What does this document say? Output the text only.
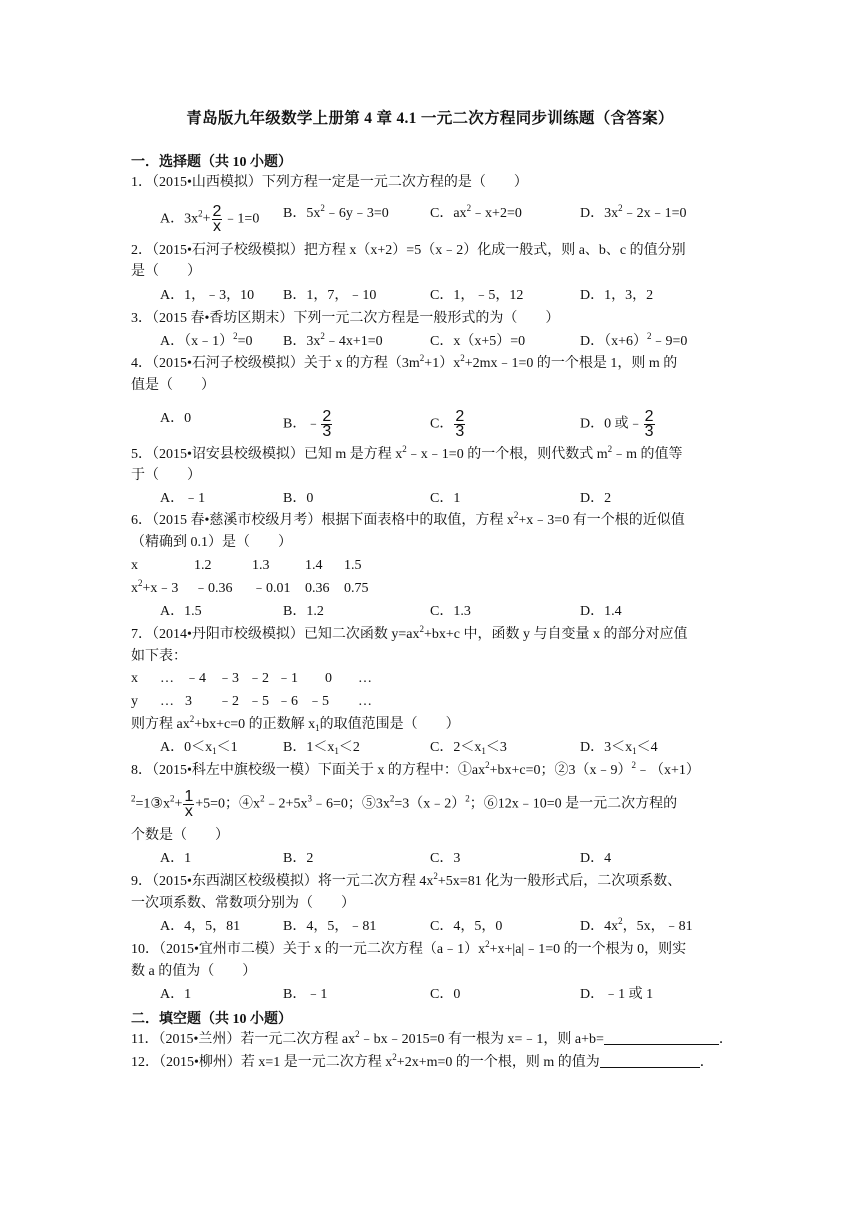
青岛版九年级数学上册第 4 章 4.1 一元二次方程同步训练题（含答案）
一．选择题（共 10 小题）
1．（2015•山西模拟）下列方程一定是一元二次方程的是（　　）
A．$3x^2+ \frac{2}{x}$ ﹣1=0 B．$5x^2﹣6y﹣3=0$	C．$ax^2﹣x+2=0$	D．$3x^2﹣2x﹣1=0$
2．（2015•石河子校级模拟）把方程 x（x+2）=5（x﹣2）化成一般式，则 a、b、c 的值分别
是（　　）
A．1，﹣3，10 B．1，7，﹣10	C．1，﹣5，12	D．1，3，2
3．（2015 春•香坊区期末）下列一元二次方程是一般形式的为（　　）
A．（x﹣1）$^2$=0 B．$3x^2﹣4x+1=0$	C．x（x+5）=0	D．$(x+6)^2﹣9=0$
4．（2015•石河子校级模拟）关于 x 的方程$(3m^2+1)x^2+2mx﹣1=0$ 的一个根是 1，则 m 的
值是（　　）
A．0	B．﹣ $\frac{2}{3}$	C． $\frac{2}{3}$	D．0 或﹣ $\frac{2}{3}$
5．（2015•诏安县校级模拟）已知 m 是方程 $x^2﹣x﹣1=0$ 的一个根，则代数式 $m^2﹣m$ 的值等
于（　　）
A．﹣1	B．0	C．1	D．2
6．（2015 春•慈溪市校级月考）根据下面表格中的取值，方程 $x^2+x﹣3=0$ 有一个根的近似值
（精确到 0.1）是（　　）
x	1.2	1.3	1.4 1.5
$x^2+x﹣3$ ﹣0.36 ﹣0.01 0.36 0.75
A．1.5	B．1.2	C．1.3	D．1.4
7．（2014•丹阳市校级模拟）已知二次函数 $y=ax^2+bx+c$ 中，函数 y 与自变量 x 的部分对应值
如下表：
x … ﹣4 ﹣3 ﹣2 ﹣1 0 …
y … 3 ﹣2 ﹣5 ﹣6 ﹣5 …
则方程 $ax^2+bx+c=0$ 的正数解 $x_1$的取值范围是（　　）
A．$0<x_1<1$	B．$1<x_1<2$	C．$2<x_1<3$	D．$3<x_1<4$
8．（2015•科左中旗校级一模）下面关于 x 的方程中：$①ax^2+bx+c=0$；②3（x﹣9）$^2$﹣（x+1）
$^2=1③x^2+ \frac{1}{x} +5=0$；$④x^2﹣2+5x^3﹣6=0$；$⑤3x^2=3(x﹣2)^2$；⑥12x﹣10=0 是一元二次方程的
个数是（　　）
A．1	B．2	C．3	D．4
9．（2015•东西湖区校级模拟）将一元二次方程 $4x^2+5x=81$ 化为一般形式后，二次项系数、
一次项系数、常数项分别为（　　）
A．4，5，81	B．4，5，﹣81	C．4，5，0	D．$4x^2$，5x，﹣81
10．（2015•宜州市二模）关于 x 的一元二次方程$(a﹣1)x^2+x+|a|﹣1=0$ 的一个根为 0，则实
数 a 的值为（　　）
A．1	B．﹣1	C．0	D．﹣1 或 1
二．填空题（共 10 小题）
11．（2015•兰州）若一元二次方程 $ax^2﹣bx﹣2015=0$ 有一根为 x=﹣1，则 a+b=	．
12．（2015•柳州）若 x=1 是一元二次方程 $x^2+2x+m=0$ 的一个根，则 m 的值为	．
